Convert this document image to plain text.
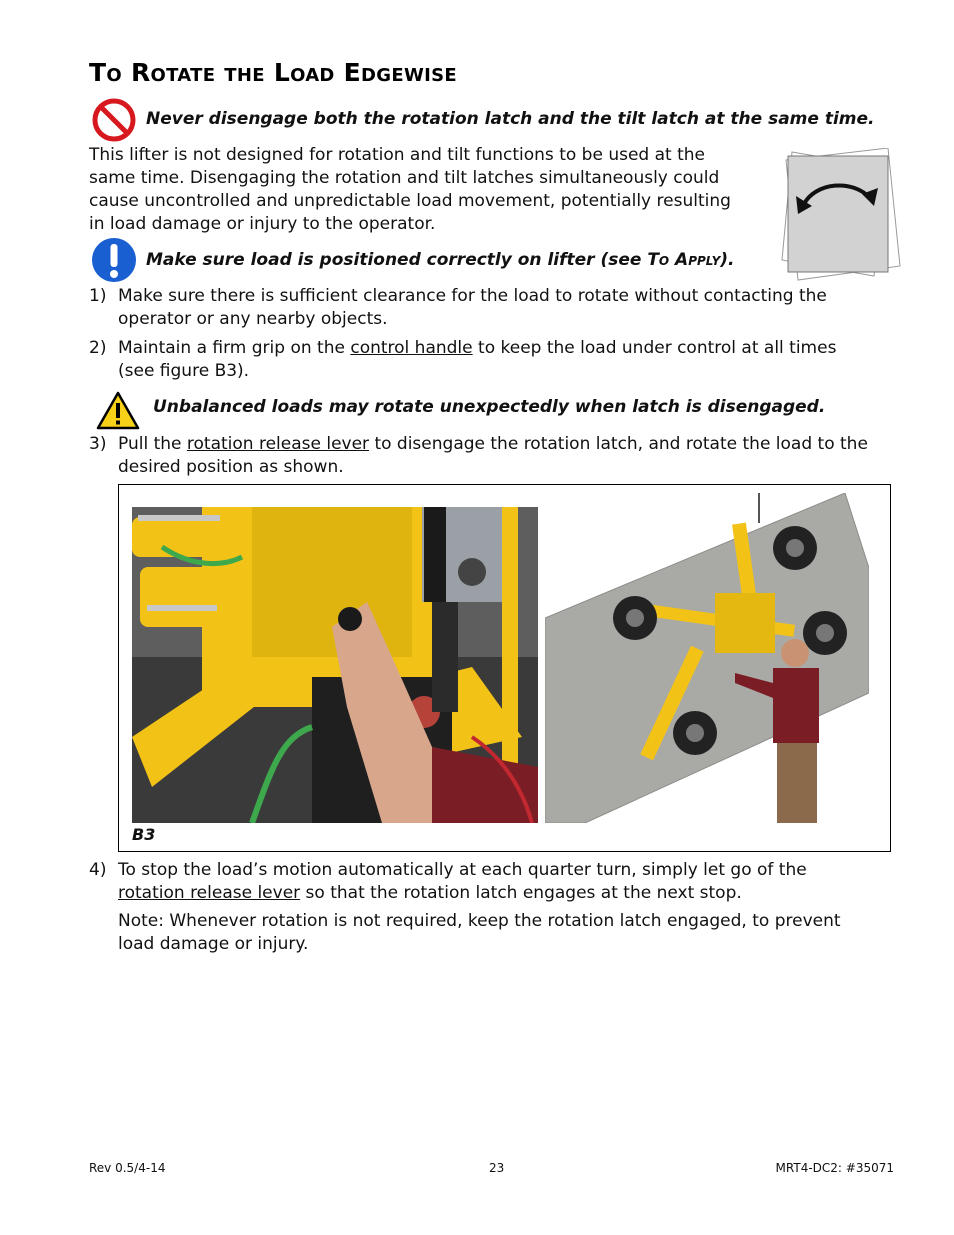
To Rotate the Load Edgewise
Never disengage both the rotation latch and the tilt latch at the same time.
This lifter is not designed for rotation and tilt functions to be used at the same time. Disengaging the rotation and tilt latches simultaneously could cause uncontrolled and unpredictable load movement, potentially resulting in load damage or injury to the operator.
Make sure load is positioned correctly on lifter (see To Apply).
1) Make sure there is sufficient clearance for the load to rotate without contacting the operator or any nearby objects.
2) Maintain a firm grip on the control handle to keep the load under control at all times (see figure B3).
Unbalanced loads may rotate unexpectedly when latch is disengaged.
3) Pull the rotation release lever to disengage the rotation latch, and rotate the load to the desired position as shown.
B3
4) To stop the load’s motion automatically at each quarter turn, simply let go of the rotation release lever so that the rotation latch engages at the next stop.
Note: Whenever rotation is not required, keep the rotation latch engaged, to prevent load damage or injury.
Rev 0.5/4-14	23	MRT4-DC2: #35071
